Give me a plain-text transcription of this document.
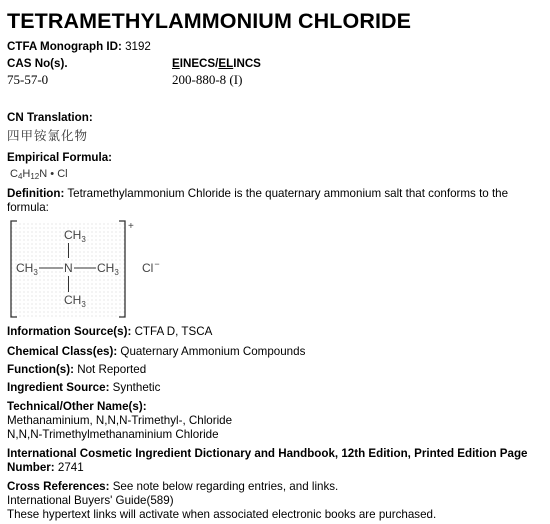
TETRAMETHYLAMMONIUM CHLORIDE
CTFA Monograph ID: 3192
CAS No(s).	EINECS/ELINCS
75-57-0	200-880-8 (I)
CN Translation:
四甲铵氯化物
Empirical Formula:
$C_4H_{12}N$ • Cl
Definition: Tetramethylammonium Chloride is the quaternary ammonium salt that conforms to the formula:
+
$CH_3$
$CH_3$ N $CH_3$
$CH_3$
Cl−
Information Source(s): CTFA D, TSCA
Chemical Class(es): Quaternary Ammonium Compounds
Function(s): Not Reported
Ingredient Source: Synthetic
Technical/Other Name(s):
Methanaminium, N,N,N-Trimethyl-, Chloride
N,N,N-Trimethylmethanaminium Chloride
International Cosmetic Ingredient Dictionary and Handbook, 12th Edition, Printed Edition Page
Number: 2741
Cross References: See note below regarding entries, and links.
International Buyers' Guide(589)
These hypertext links will activate when associated electronic books are purchased.
